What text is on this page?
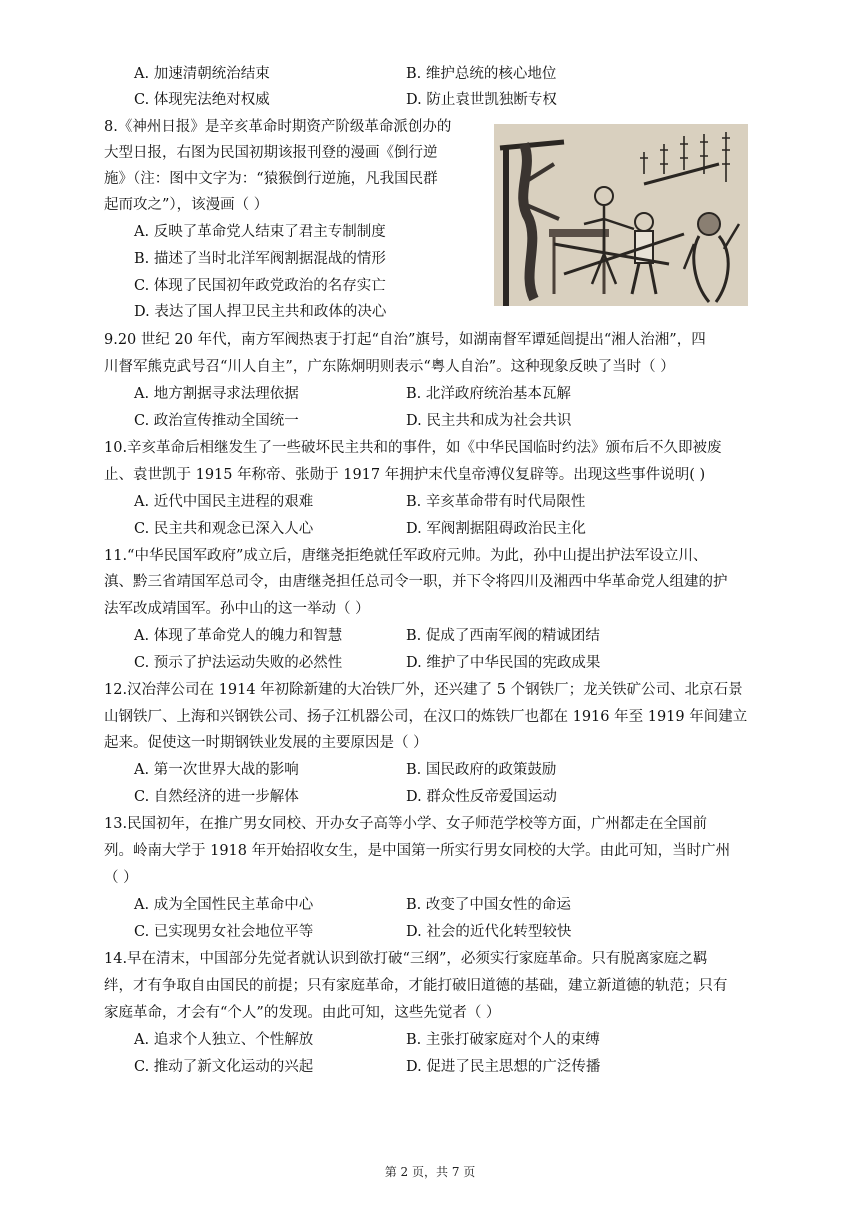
A. 加速清朝统治结束	B. 维护总统的核心地位
C. 体现宪法绝对权威	D. 防止袁世凯独断专权
8.《神州日报》是辛亥革命时期资产阶级革命派创办的
大型日报，右图为民国初期该报刊登的漫画《倒行逆
施》（注：图中文字为：“猿猴倒行逆施，凡我国民群
起而攻之”），该漫画（ ）
A. 反映了革命党人结束了君主专制制度
B. 描述了当时北洋军阀割据混战的情形
C. 体现了民国初年政党政治的名存实亡
D. 表达了国人捍卫民主共和政体的决心
9.20 世纪 20 年代，南方军阀热衷于打起“自治”旗号，如湖南督军谭延闿提出“湘人治湘”，四
川督军熊克武号召“川人自主”，广东陈炯明则表示“粤人自治”。这种现象反映了当时（ ）
A. 地方割据寻求法理依据	B. 北洋政府统治基本瓦解
C. 政治宣传推动全国统一	D. 民主共和成为社会共识
10.辛亥革命后相继发生了一些破坏民主共和的事件，如《中华民国临时约法》颁布后不久即被废
止、袁世凯于 1915 年称帝、张勋于 1917 年拥护末代皇帝溥仪复辟等。出现这些事件说明( )
A. 近代中国民主进程的艰难	B. 辛亥革命带有时代局限性
C. 民主共和观念已深入人心	D. 军阀割据阻碍政治民主化
11.“中华民国军政府”成立后，唐继尧拒绝就任军政府元帅。为此，孙中山提出护法军设立川、
滇、黔三省靖国军总司令，由唐继尧担任总司令一职，并下令将四川及湘西中华革命党人组建的护
法军改成靖国军。孙中山的这一举动（ ）
A. 体现了革命党人的魄力和智慧	B. 促成了西南军阀的精诚团结
C. 预示了护法运动失败的必然性	D. 维护了中华民国的宪政成果
12.汉冶萍公司在 1914 年初除新建的大冶铁厂外，还兴建了 5 个钢铁厂；龙关铁矿公司、北京石景
山钢铁厂、上海和兴钢铁公司、扬子江机器公司，在汉口的炼铁厂也都在 1916 年至 1919 年间建立
起来。促使这一时期钢铁业发展的主要原因是（ ）
A. 第一次世界大战的影响	B. 国民政府的政策鼓励
C. 自然经济的进一步解体	D. 群众性反帝爱国运动
13.民国初年，在推广男女同校、开办女子高等小学、女子师范学校等方面，广州都走在全国前
列。岭南大学于 1918 年开始招收女生，是中国第一所实行男女同校的大学。由此可知，当时广州
（ ）
A. 成为全国性民主革命中心	B. 改变了中国女性的命运
C. 已实现男女社会地位平等	D. 社会的近代化转型较快
14.早在清末，中国部分先觉者就认识到欲打破“三纲”，必须实行家庭革命。只有脱离家庭之羁
绊，才有争取自由国民的前提；只有家庭革命，才能打破旧道德的基础，建立新道德的轨范；只有
家庭革命，才会有“个人”的发现。由此可知，这些先觉者（ ）
A. 追求个人独立、个性解放	B. 主张打破家庭对个人的束缚
C. 推动了新文化运动的兴起	D. 促进了民主思想的广泛传播
第 2 页，共 7 页
